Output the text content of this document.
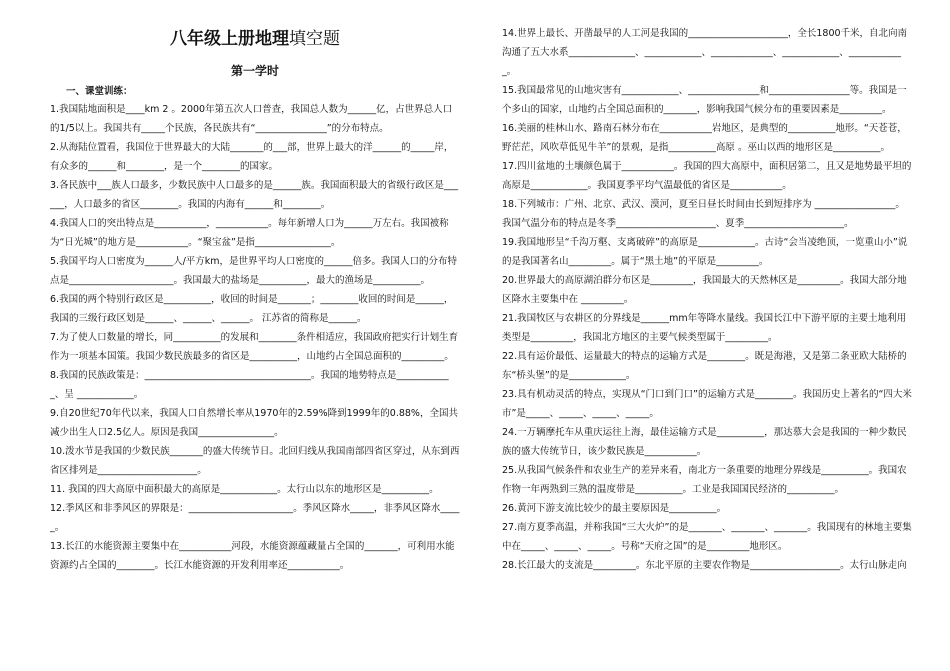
八年级上册地理填空题
第一学时
一、课堂训练：

1.我国陆地面积是____km 2 。2000年第五次人口普查，我国总人数为______亿，占世界总人口的1/5以上。我国共有_____个民族，各民族共有“_______________”的分布特点。

2.从海陆位置看，我国位于世界最大的大陆_______的___部，世界上最大的洋______的_____岸，有众多的______和________，是一个________的国家。

3.各民族中___族人口最多，少数民族中人口最多的是______族。我国面积最大的省级行政区是______，人口最多的省区________。我国的内海有______和________。

4.我国人口的突出特点是___________，___________。每年新增人口为______万左右。我国被称为“日光城”的地方是___________。“聚宝盆”是指________________。

5.我国平均人口密度为______人/平方km，是世界平均人口密度的______倍多。我国人口的分布特点是______________________。我国最大的盐场是__________，最大的渔场是__________。

6.我国的两个特别行政区是__________，收回的时间是_______；________收回的时间是______，我国的三级行政区划是______、______、______。 江苏省的简称是______。

7.为了使人口数量的增长，同__________的发展和________条件相适应，我国政府把实行计划生育作为一项基本国策。我国少数民族最多的省区是__________，山地约占全国总面积的_________。

8.我国的民族政策是：___________________________________。我国的地势特点是____________、呈 ____________。

9.自20世纪70年代以来，我国人口自然增长率从1970年的2.59%降到1999年的0.88%，全国共减少出生人口2.5亿人。原因是我国________________。

10.泼水节是我国的少数民族_______的盛大传统节日。北回归线从我国南部四省区穿过，从东到西省区排列是_____________________。

11. 我国的四大高原中面积最大的高原是____________。太行山以东的地形区是__________。

12.季风区和非季风区的界限是：______________________。季风区降水_____，非季风区降水_____。

13.长江的水能资源主要集中在___________河段，水能资源蕴藏量占全国的_______，可利用水能资源约占全国的________。长江水能资源的开发利用率还___________。

14.世界上最长、开凿最早的人工河是我国的_____________________，全长1800千米，自北向南沟通了五大水系______________、____________、_____________、____________、____________。

15.我国最常见的山地灾害有____________、_______________和_________________等。我国是一个多山的国家，山地约占全国总面积的_______，影响我国气候分布的重要因素是_________。

16.美丽的桂林山水、路南石林分布在___________岩地区，是典型的__________地形。“天苍苍，野茫茫，风吹草低见牛羊”的景观，是指__________高原 。巫山以西的地形区是__________。

17.四川盆地的土壤颜色属于___________。我国的四大高原中，面积居第二，且又是地势最平坦的高原是____________。我国夏季平均气温最低的省区是___________。

18.下列城市：广州、北京、武汉、漠河，夏至日昼长时间由长到短排序为 _________________。我国气温分布的特点是冬季_____________________、夏季_____________________。

19.我国地形呈“千沟万壑、支离破碎”的高原是____________。古诗“会当凌绝顶，一览重山小”说的是我国著名山_________。属于“黑土地”的平原是_________。

20.世界最大的高原湖泊群分布区是_________，我国最大的天然林区是_________。我国大部分地区降水主要集中在 _________。

21.我国牧区与农耕区的分界线是______mm年等降水量线。我国长江中下游平原的主要土地利用类型是_________，我国北方地区的主要气候类型属于_________。

22.具有运价最低、运量最大的特点的运输方式是________。既是海港，又是第二条亚欧大陆桥的东“桥头堡”的是____________。

23.具有机动灵活的特点，实现从“门口到门口”的运输方式是________。我国历史上著名的“四大米市”是_____、_____、_____、_____。

24.一万辆摩托车从重庆运往上海，最佳运输方式是__________，那达慕大会是我国的一种少数民族的盛大传统节日，该少数民族是___________。

25.从我国气候条件和农业生产的差异来看，南北方一条重要的地理分界线是__________。我国农作物一年两熟到三熟的温度带是__________。工业是我国国民经济的__________。

26.黄河下游支流比较少的最主要原因是__________。

27.南方夏季高温，并称我国“三大火炉”的是_______、_______、_______。我国现有的林地主要集中在_____、_____、_____。号称“天府之国”的是_________地形区。

28.长江最大的支流是_________。东北平原的主要农作物是___________________。太行山脉走向
